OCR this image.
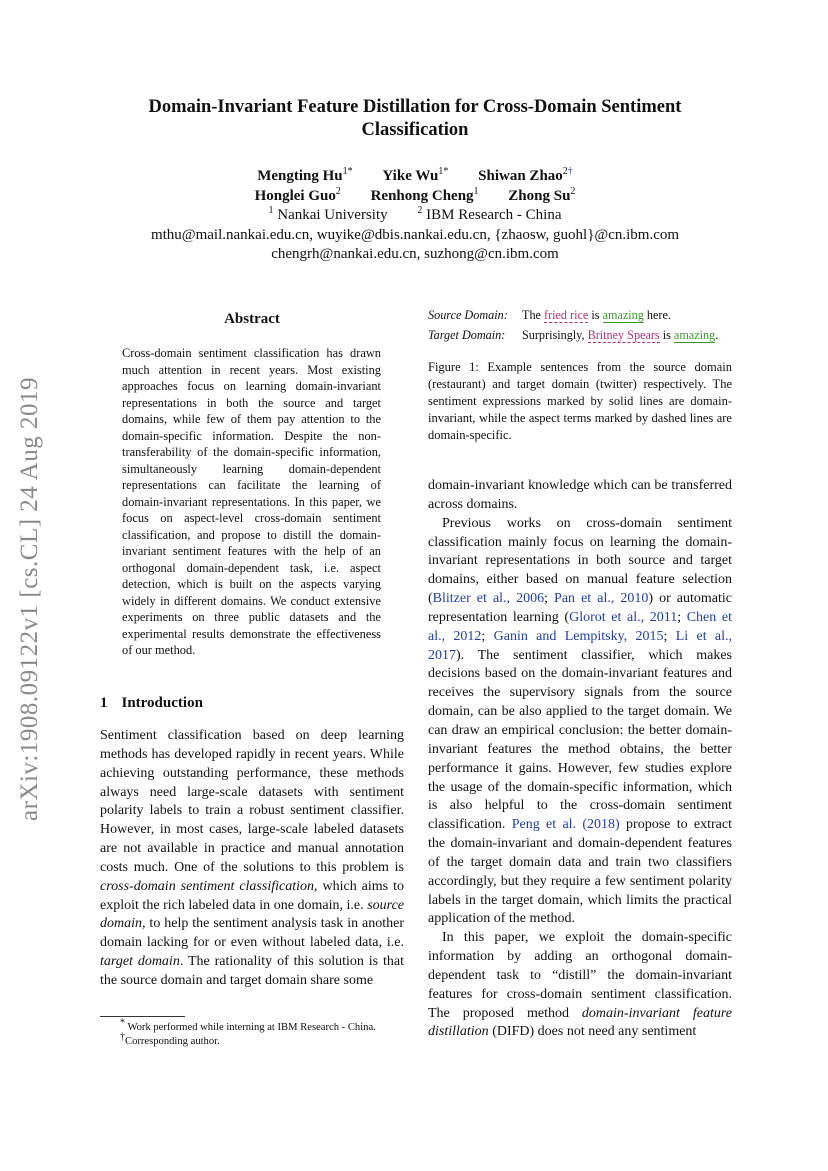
arXiv:1908.09122v1 [cs.CL] 24 Aug 2019
Domain-Invariant Feature Distillation for Cross-Domain Sentiment Classification
Mengting $Hu^{1*}$ Yike $Wu^{1*}$ Shiwan Zhao$^{2\dagger}$
Honglei Guo$^2$ Renhong Cheng$^1$ Zhong Su$^2$
$^1$ Nankai University	$^2$ IBM Research - China
mthu@mail.nankai.edu.cn, wuyike@dbis.nankai.edu.cn, {zhaosw, guohl}@cn.ibm.com
chengrh@nankai.edu.cn, suzhong@cn.ibm.com
Abstract
Cross-domain sentiment classification has drawn much attention in recent years. Most existing approaches focus on learning domain-invariant representations in both the source and target domains, while few of them pay attention to the domain-specific information. Despite the non-transferability of the domain-specific information, simultaneously learning domain-dependent representations can facilitate the learning of domain-invariant representations. In this paper, we focus on aspect-level cross-domain sentiment classification, and propose to distill the domain-invariant sentiment features with the help of an orthogonal domain-dependent task, i.e. aspect detection, which is built on the aspects varying widely in different domains. We conduct extensive experiments on three public datasets and the experimental results demonstrate the effectiveness of our method.
1 Introduction

Sentiment classification based on deep learning methods has developed rapidly in recent years. While achieving outstanding performance, these methods always need large-scale datasets with sentiment polarity labels to train a robust sentiment classifier. However, in most cases, large-scale labeled datasets are not available in practice and manual annotation costs much. One of the solutions to this problem is cross-domain sentiment classification, which aims to exploit the rich labeled data in one domain, i.e. source domain, to help the sentiment analysis task in another domain lacking for or even without labeled data, i.e. target domain. The rationality of this solution is that the source domain and target domain share some

* Work performed while interning at IBM Research - China.

†Corresponding author.

Source Domain: The fried rice is amazing here.
Target Domain: Surprisingly, Britney Spears is amazing.
Figure 1: Example sentences from the source domain (restaurant) and target domain (twitter) respectively. The sentiment expressions marked by solid lines are domain-invariant, while the aspect terms marked by dashed lines are domain-specific.

domain-invariant knowledge which can be transferred across domains.

Previous works on cross-domain sentiment classification mainly focus on learning the domain-invariant representations in both source and target domains, either based on manual feature selection (Blitzer et al., 2006; Pan et al., 2010) or automatic representation learning (Glorot et al., 2011; Chen et al., 2012; Ganin and Lempitsky, 2015; Li et al., 2017). The sentiment classifier, which makes decisions based on the domain-invariant features and receives the supervisory signals from the source domain, can be also applied to the target domain. We can draw an empirical conclusion: the better domain-invariant features the method obtains, the better performance it gains. However, few studies explore the usage of the domain-specific information, which is also helpful to the cross-domain sentiment classification. Peng et al. (2018) propose to extract the domain-invariant and domain-dependent features of the target domain data and train two classifiers accordingly, but they require a few sentiment polarity labels in the target domain, which limits the practical application of the method.

In this paper, we exploit the domain-specific information by adding an orthogonal domain-dependent task to “distill” the domain-invariant features for cross-domain sentiment classification. The proposed method domain-invariant feature distillation (DIFD) does not need any sentiment
